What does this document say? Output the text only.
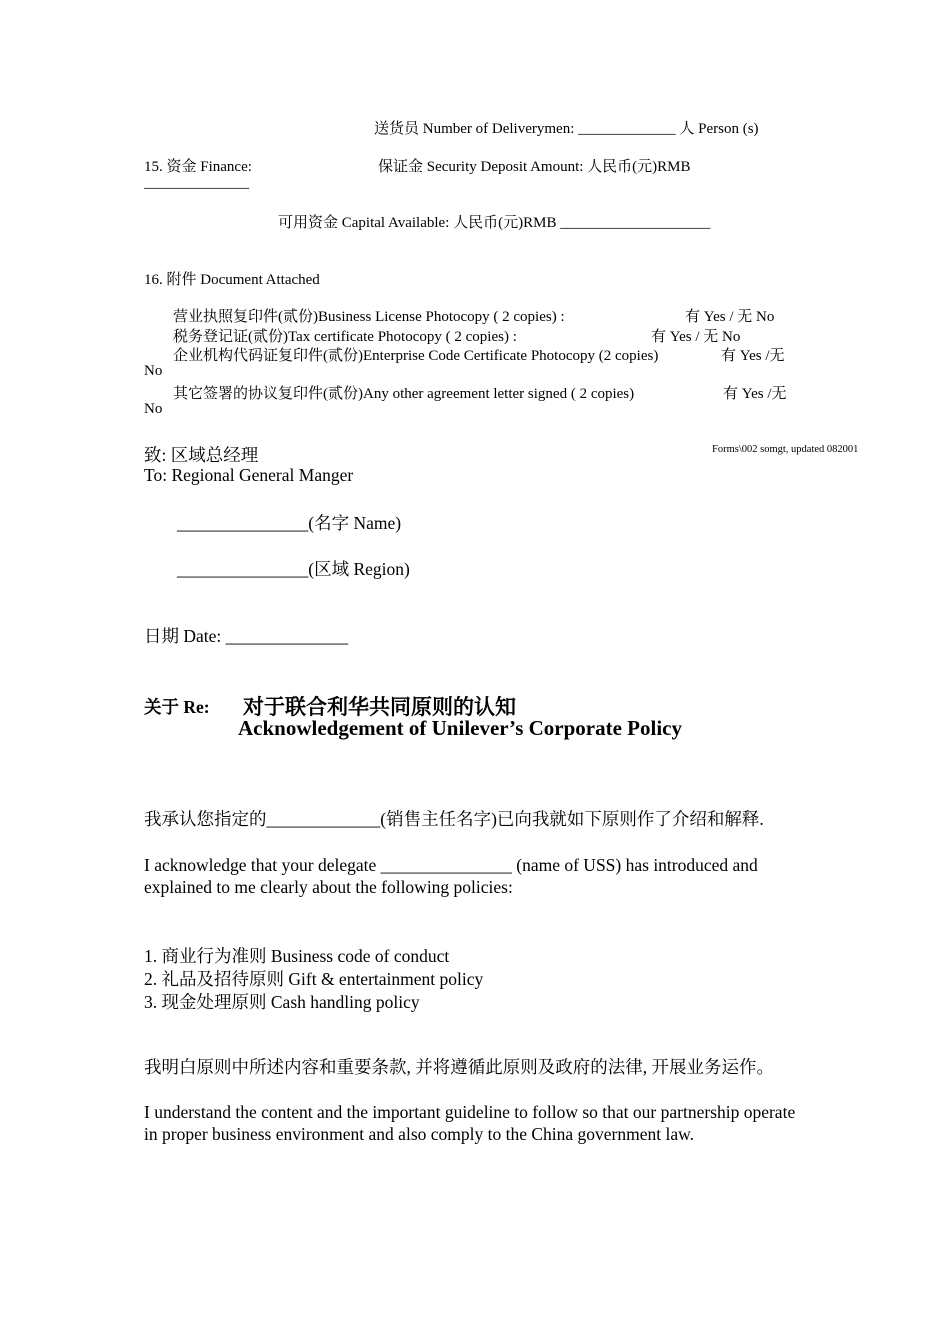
送货员 Number of Deliverymen: _____________ 人 Person (s)
15. 资金 Finance:	保证金 Security Deposit Amount: 人民币(元)RMB
______________
可用资金 Capital Available: 人民币(元)RMB ____________________
16. 附件 Document Attached
营业执照复印件(贰份)Business License Photocopy ( 2 copies) :	有 Yes / 无 No
税务登记证(贰份)Tax certificate Photocopy ( 2 copies) :	有 Yes / 无 No
企业机构代码证复印件(贰份)Enterprise Code Certificate Photocopy (2 copies)	有 Yes /无
No
其它签署的协议复印件(贰份)Any other agreement letter signed ( 2 copies)	有 Yes /无
No
Forms\002 somgt, updated 082001
致: 区域总经理
To: Regional General Manger
_______________(名字 Name)
_______________(区域 Region)
日期 Date: ______________
关于 Re: 对于联合利华共同原则的认知
Acknowledgement of Unilever’s Corporate Policy
我承认您指定的_____________(销售主任名字)已向我就如下原则作了介绍和解释.
I acknowledge that your delegate _______________ (name of USS) has introduced and explained to me clearly about the following policies:
1. 商业行为准则 Business code of conduct
2. 礼品及招待原则 Gift & entertainment policy
3. 现金处理原则 Cash handling policy
我明白原则中所述内容和重要条款, 并将遵循此原则及政府的法律, 开展业务运作。
I understand the content and the important guideline to follow so that our partnership operate in proper business environment and also comply to the China government law.
